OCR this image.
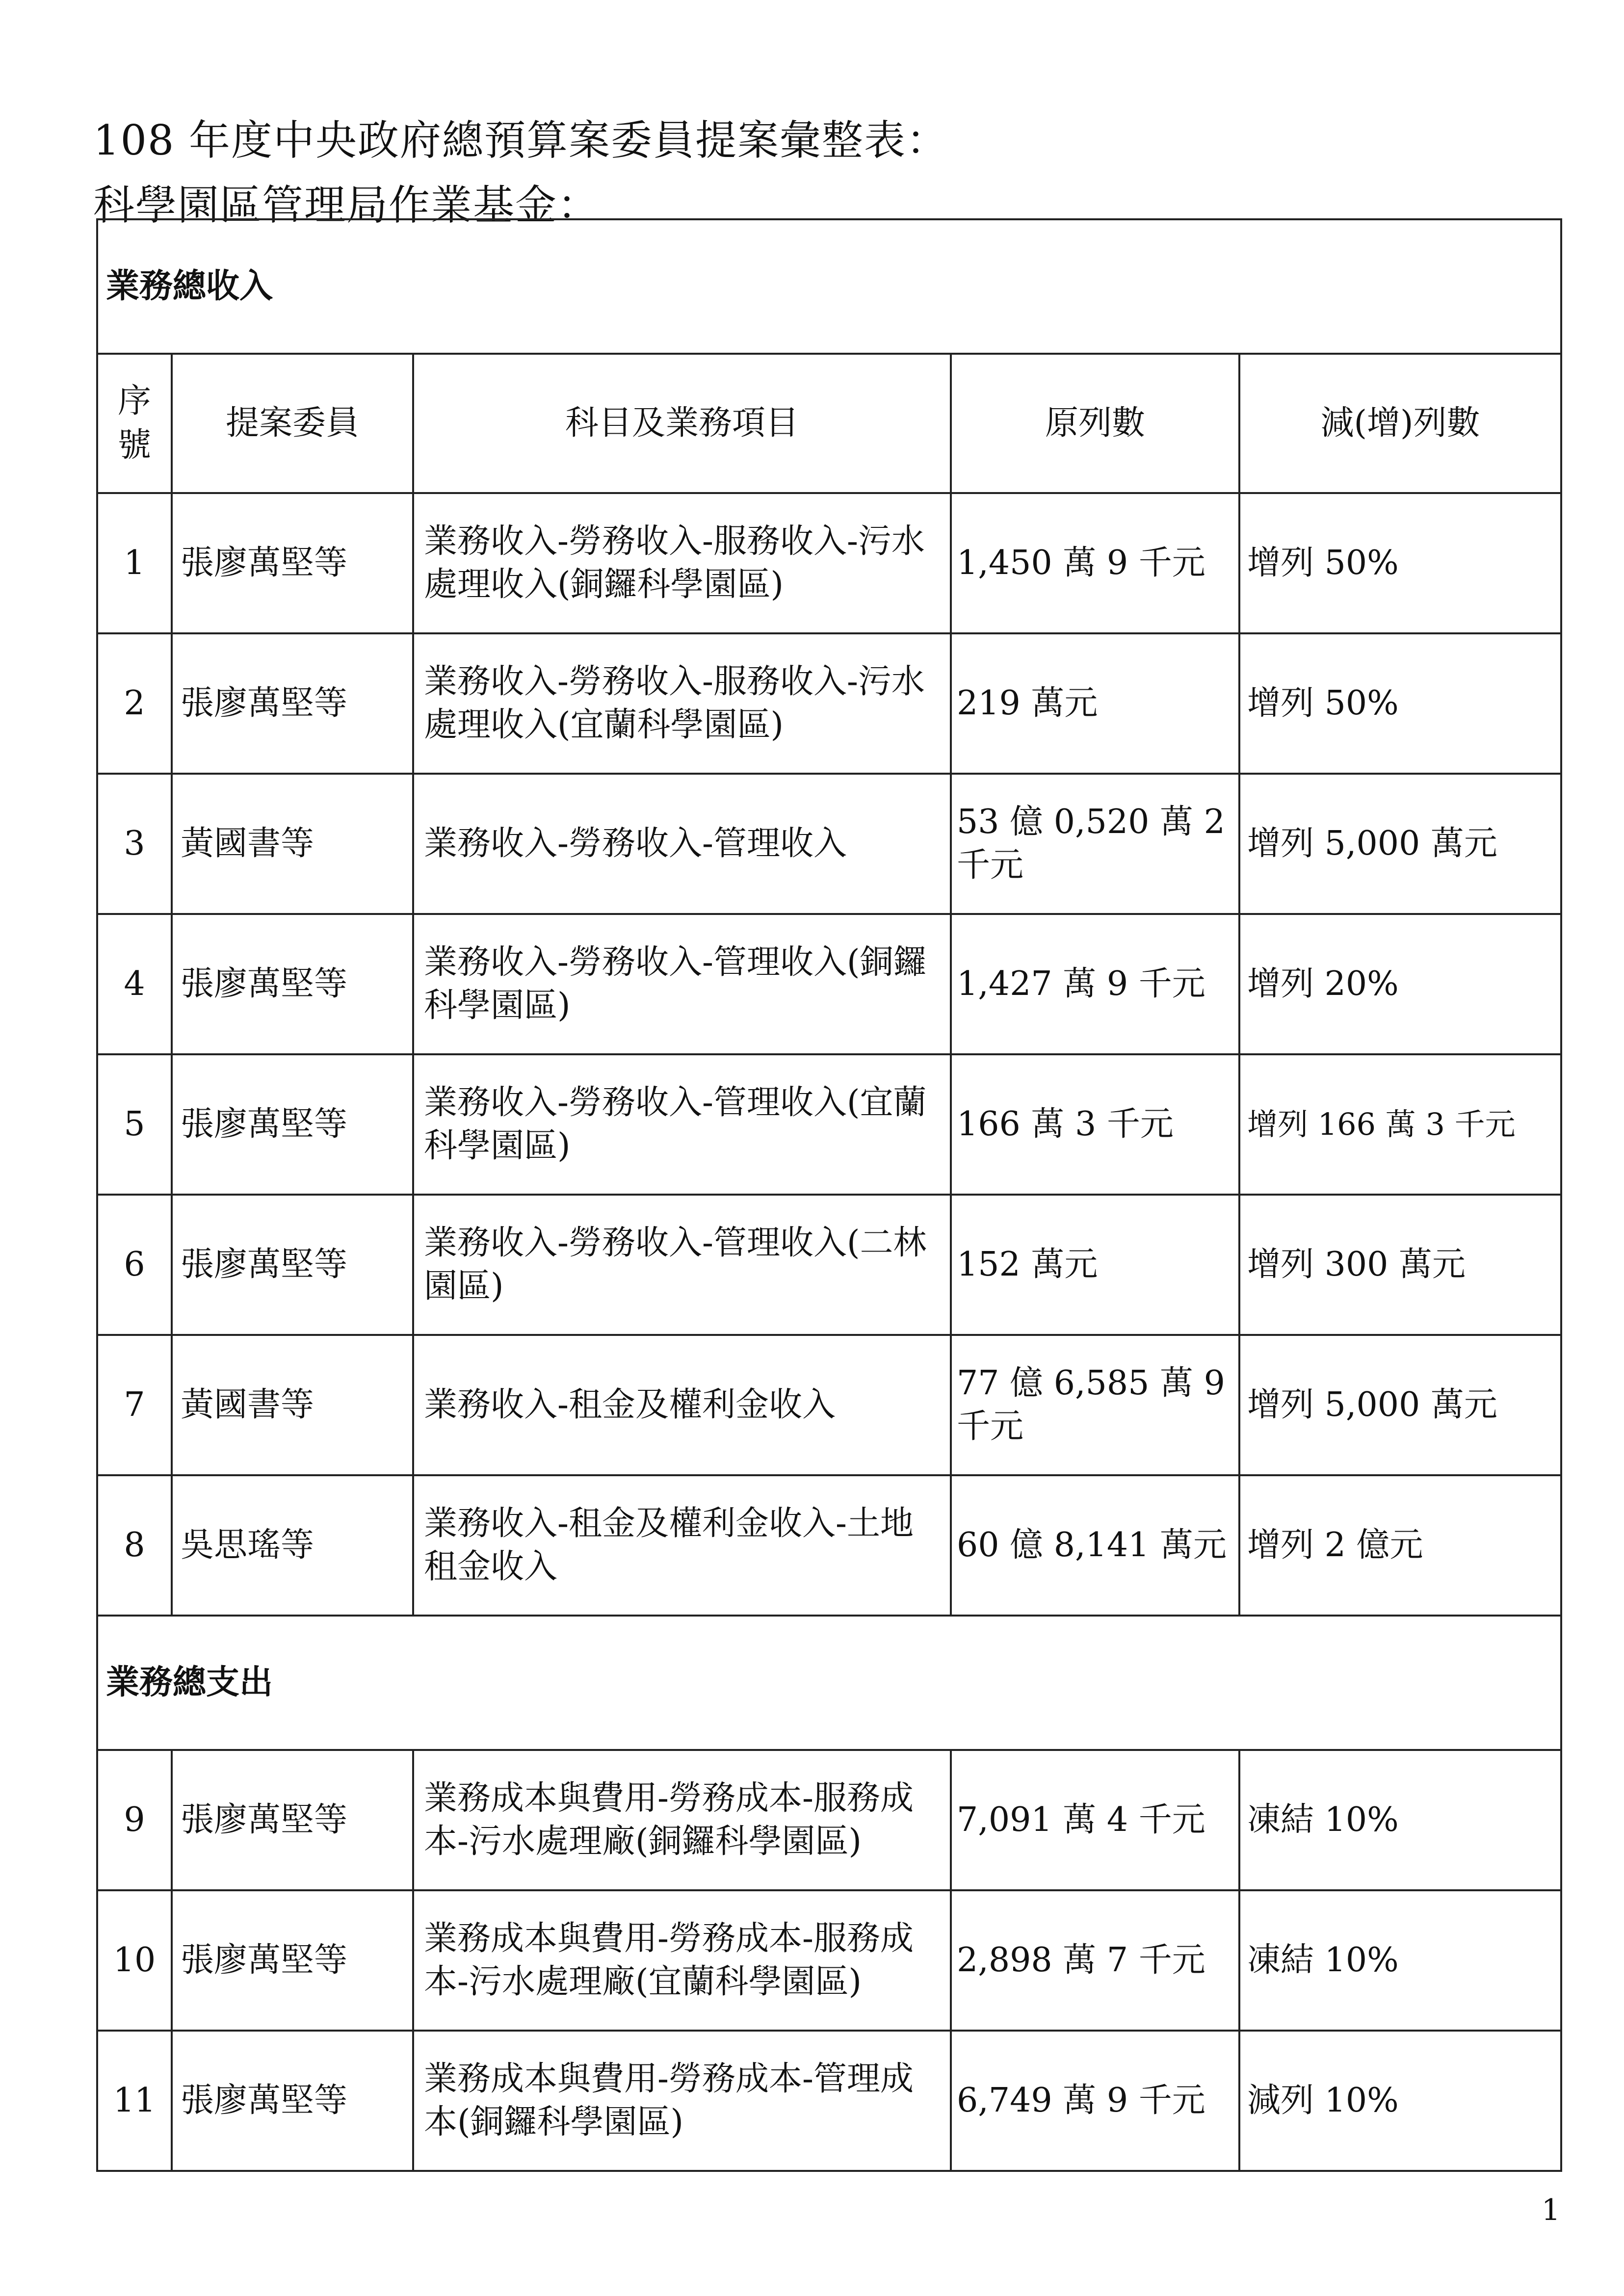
108 年度中央政府總預算案委員提案彙整表：
科學園區管理局作業基金：
業務總收入				
序號	提案委員	科目及業務項目	原列數	減(增)列數
1	張廖萬堅等	業務收入-勞務收入-服務收入-污水處理收入(銅鑼科學園區)	1,450 萬 9 千元	增列 50%
2	張廖萬堅等	業務收入-勞務收入-服務收入-污水處理收入(宜蘭科學園區)	219 萬元	增列 50%
3	黃國書等	業務收入-勞務收入-管理收入	53 億 0,520 萬 2 千元	增列 5,000 萬元
4	張廖萬堅等	業務收入-勞務收入-管理收入(銅鑼科學園區)	1,427 萬 9 千元	增列 20%
5	張廖萬堅等	業務收入-勞務收入-管理收入(宜蘭科學園區)	166 萬 3 千元	增列 166 萬 3 千元
6	張廖萬堅等	業務收入-勞務收入-管理收入(二林園區)	152 萬元	增列 300 萬元
7	黃國書等	業務收入-租金及權利金收入	77 億 6,585 萬 9 千元	增列 5,000 萬元
8	吳思瑤等	業務收入-租金及權利金收入-土地租金收入	60 億 8,141 萬元	增列 2 億元
業務總支出				
9	張廖萬堅等	業務成本與費用-勞務成本-服務成本-污水處理廠(銅鑼科學園區)	7,091 萬 4 千元	凍結 10%
10	張廖萬堅等	業務成本與費用-勞務成本-服務成本-污水處理廠(宜蘭科學園區)	2,898 萬 7 千元	凍結 10%
11	張廖萬堅等	業務成本與費用-勞務成本-管理成本(銅鑼科學園區)	6,749 萬 9 千元	減列 10%
1
